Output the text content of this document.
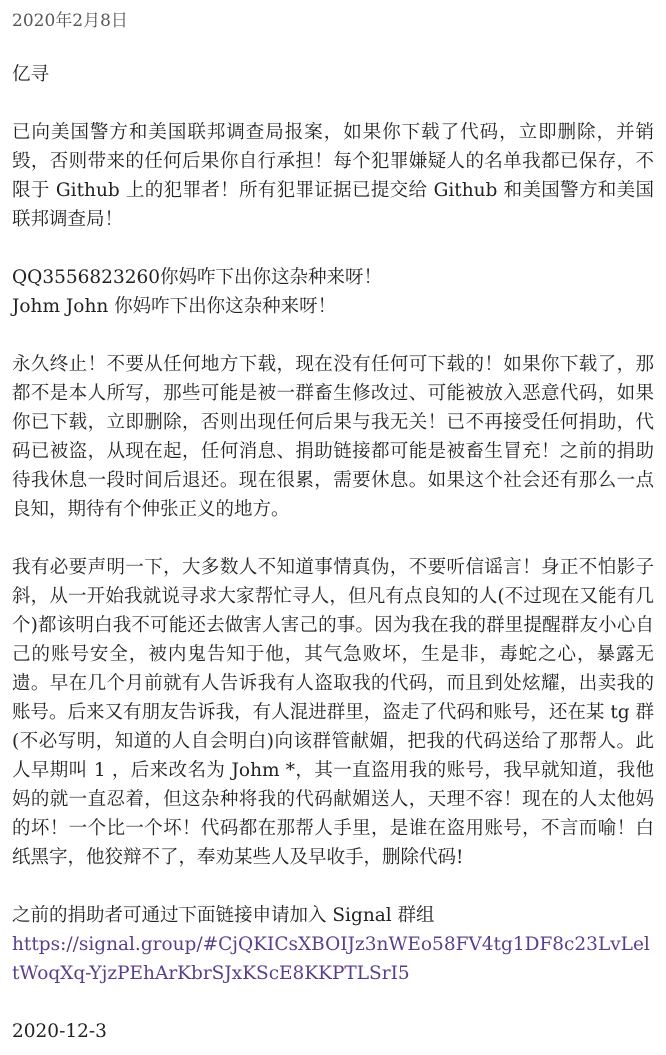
2020年2月8日

亿寻

已向美国警方和美国联邦调查局报案，如果你下载了代码，立即删除，并销毁，否则带来的任何后果你自行承担！每个犯罪嫌疑人的名单我都已保存，不限于 Github 上的犯罪者！所有犯罪证据已提交给 Github 和美国警方和美国联邦调查局！

QQ3556823260你妈咋下出你这杂种来呀！
Johm John 你妈咋下出你这杂种来呀！

永久终止！不要从任何地方下载，现在没有任何可下载的！如果你下载了，那都不是本人所写，那些可能是被一群畜生修改过、可能被放入恶意代码，如果你已下载，立即删除，否则出现任何后果与我无关！已不再接受任何捐助，代码已被盗，从现在起，任何消息、捐助链接都可能是被畜生冒充！之前的捐助待我休息一段时间后退还。现在很累，需要休息。如果这个社会还有那么一点良知，期待有个伸张正义的地方。

我有必要声明一下，大多数人不知道事情真伪，不要听信谣言！身正不怕影子斜，从一开始我就说寻求大家帮忙寻人，但凡有点良知的人(不过现在又能有几个)都该明白我不可能还去做害人害己的事。因为我在我的群里提醒群友小心自己的账号安全，被内鬼告知于他，其气急败坏，生是非，毒蛇之心，暴露无遗。早在几个月前就有人告诉我有人盗取我的代码，而且到处炫耀，出卖我的账号。后来又有朋友告诉我，有人混进群里，盗走了代码和账号，还在某 tg 群(不必写明，知道的人自会明白)向该群管献媚，把我的代码送给了那帮人。此人早期叫 1 ，后来改名为 Johm *，其一直盗用我的账号，我早就知道，我他妈的就一直忍着，但这杂种将我的代码献媚送人，天理不容！现在的人太他妈的坏！一个比一个坏！代码都在那帮人手里，是谁在盗用账号，不言而喻！白纸黑字，他狡辩不了，奉劝某些人及早收手，删除代码!

之前的捐助者可通过下面链接申请加入 Signal 群组
https://signal.group/#CjQKICsXBOIJz3nWEo58FV4tg1DF8c23LvLeltWoqXq-YjzPEhArKbrSJxKScE8KKPTLSrI5

2020-12-3
